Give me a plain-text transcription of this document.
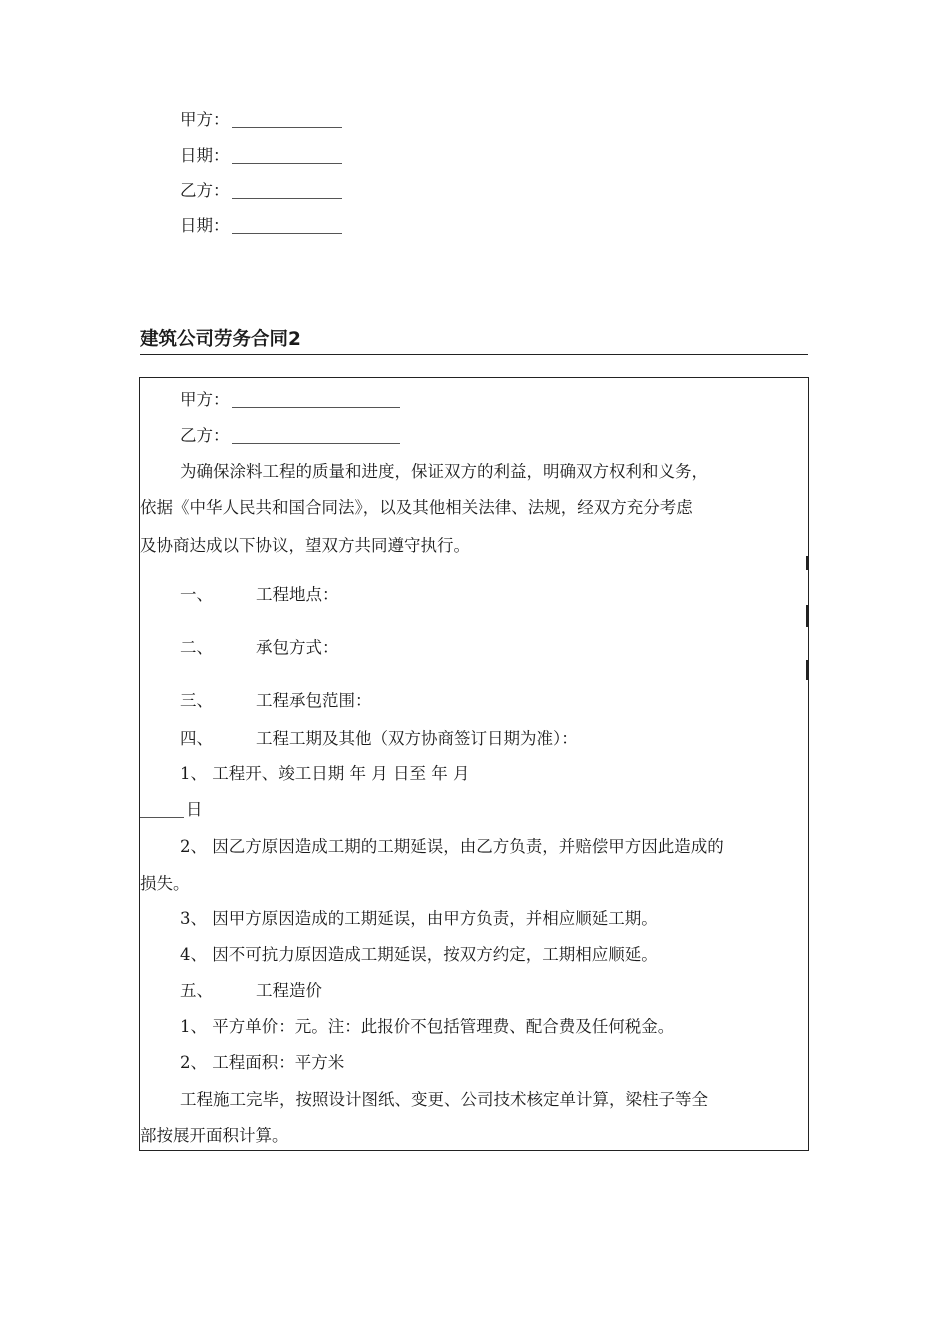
甲方：
日期：
乙方：
日期：
建筑公司劳务合同2
甲方：
乙方：
为确保涂料工程的质量和进度，保证双方的利益，明确双方权利和义务，
依据《中华人民共和国合同法》，以及其他相关法律、法规，经双方充分考虑
及协商达成以下协议，望双方共同遵守执行。
一、	工程地点：
二、	承包方式：
三、	工程承包范围：
四、	工程工期及其他（双方协商签订日期为准）：
1、 工程开、竣工日期 年 月 日至 年 月
日
2、 因乙方原因造成工期的工期延误，由乙方负责，并赔偿甲方因此造成的
损失。
3、 因甲方原因造成的工期延误，由甲方负责，并相应顺延工期。
4、 因不可抗力原因造成工期延误，按双方约定，工期相应顺延。
五、	工程造价
1、 平方单价：元。注：此报价不包括管理费、配合费及任何税金。
2、 工程面积：平方米
工程施工完毕，按照设计图纸、变更、公司技术核定单计算，梁柱子等全
部按展开面积计算。
